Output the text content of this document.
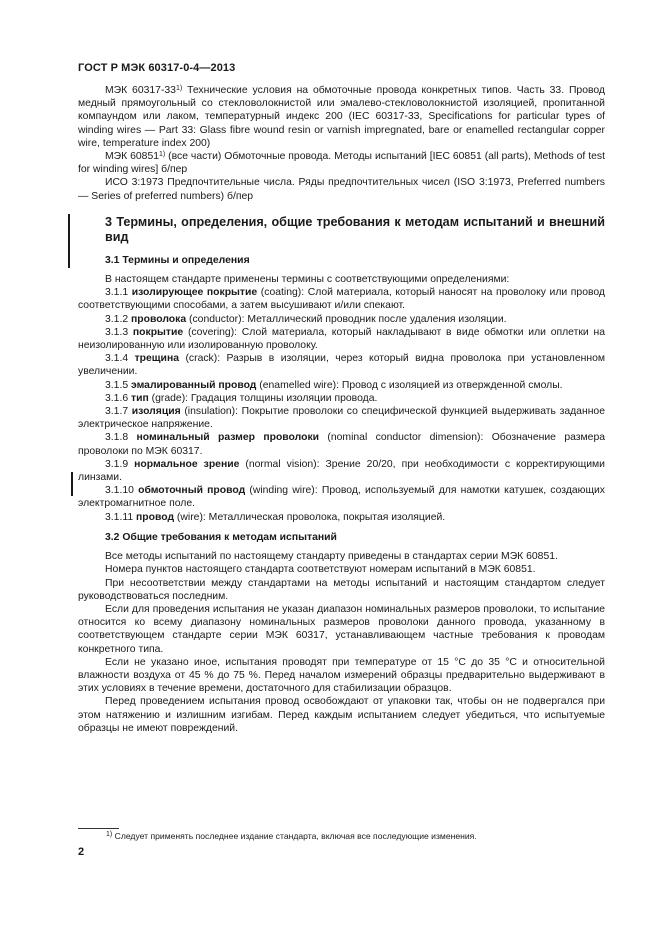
ГОСТ Р МЭК 60317-0-4—2013

МЭК 60317-33$^{1)}$ Технические условия на обмоточные провода конкретных типов. Часть 33. Провод медный прямоугольный со стекловолокнистой или эмалево-стекловолокнистой изоляцией, пропитанной компаундом или лаком, температурный индекс 200 (IEC 60317-33, Specifications for particular types of winding wires — Part 33: Glass fibre wound resin or varnish impregnated, bare or enamelled rectangular copper wire, temperature index 200)

МЭК 60851$^{1)}$ (все части) Обмоточные провода. Методы испытаний [IEC 60851 (all parts), Methods of test for winding wires] б/пер

ИСО 3:1973 Предпочтительные числа. Ряды предпочтительных чисел (ISO 3:1973, Preferred numbers — Series of preferred numbers) б/пер

3 Термины, определения, общие требования к методам испытаний и внешний вид
3.1 Термины и определения

В настоящем стандарте применены термины с соответствующими определениями:

3.1.1 изолирующее покрытие (coating): Слой материала, который наносят на проволоку или провод соответствующими способами, а затем высушивают и/или спекают.

3.1.2 проволока (conductor): Металлический проводник после удаления изоляции.

3.1.3 покрытие (covering): Слой материала, который накладывают в виде обмотки или оплетки на неизолированную или изолированную проволоку.

3.1.4 трещина (crack): Разрыв в изоляции, через который видна проволока при установленном увеличении.

3.1.5 эмалированный провод (enamelled wire): Провод с изоляцией из отвержденной смолы.

3.1.6 тип (grade): Градация толщины изоляции провода.

3.1.7 изоляция (insulation): Покрытие проволоки со специфической функцией выдерживать заданное электрическое напряжение.

3.1.8 номинальный размер проволоки (nominal conductor dimension): Обозначение размера проволоки по МЭК 60317.

3.1.9 нормальное зрение (normal vision): Зрение 20/20, при необходимости с корректирующими линзами.

3.1.10 обмоточный провод (winding wire): Провод, используемый для намотки катушек, создающих электромагнитное поле.

3.1.11 провод (wire): Металлическая проволока, покрытая изоляцией.

3.2 Общие требования к методам испытаний

Все методы испытаний по настоящему стандарту приведены в стандартах серии МЭК 60851.

Номера пунктов настоящего стандарта соответствуют номерам испытаний в МЭК 60851.

При несоответствии между стандартами на методы испытаний и настоящим стандартом следует руководствоваться последним.

Если для проведения испытания не указан диапазон номинальных размеров проволоки, то испытание относится ко всему диапазону номинальных размеров проволоки данного провода, указанному в соответствующем стандарте серии МЭК 60317, устанавливающем частные требования к проводам конкретного типа.

Если не указано иное, испытания проводят при температуре от 15 °С до 35 °С и относительной влажности воздуха от 45 % до 75 %. Перед началом измерений образцы предварительно выдерживают в этих условиях в течение времени, достаточного для стабилизации образцов.

Перед проведением испытания провод освобождают от упаковки так, чтобы он не подвергался при этом натяжению и излишним изгибам. Перед каждым испытанием следует убедиться, что испытуемые образцы не имеют повреждений.

$^{1)}$ Следует применять последнее издание стандарта, включая все последующие изменения.
2
